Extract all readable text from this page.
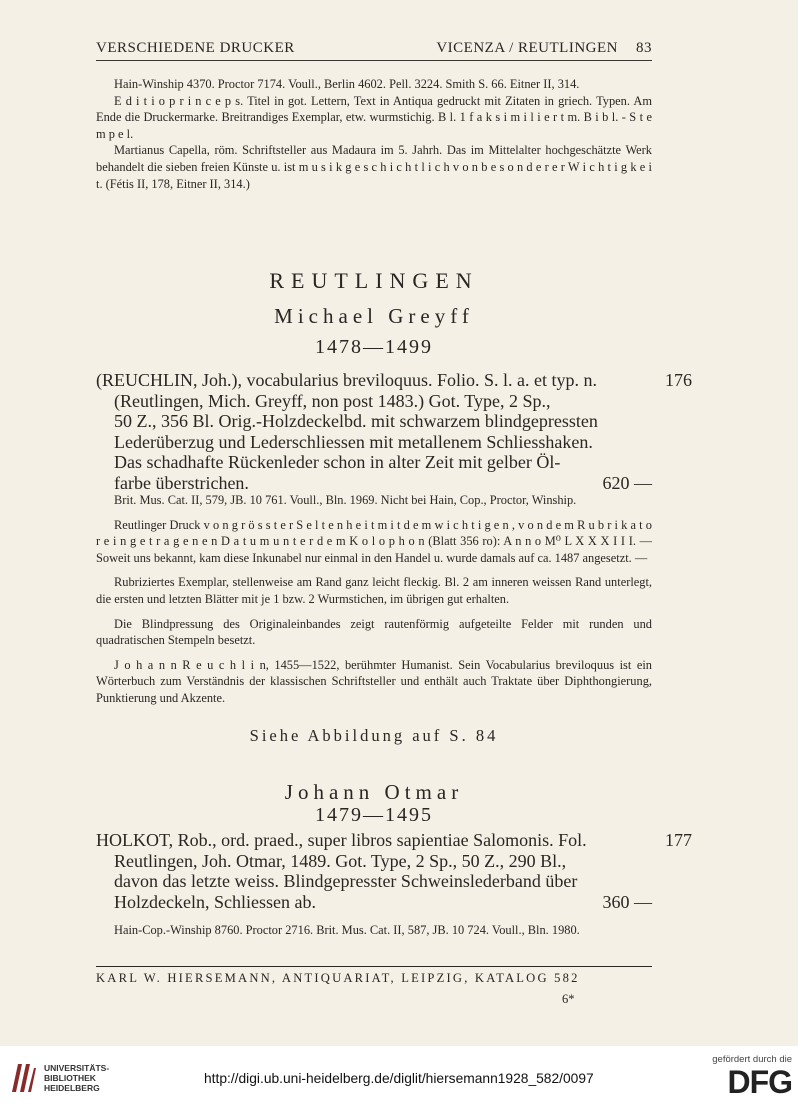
VERSCHIEDENE DRUCKER	VICENZA / REUTLINGEN 83

Hain-Winship 4370. Proctor 7174. Voull., Berlin 4602. Pell. 3224. Smith S. 66. Eitner II, 314.

E d i t i o p r i n c e p s. Titel in got. Lettern, Text in Antiqua gedruckt mit Zitaten in griech. Typen. Am Ende die Druckermarke. Breitrandiges Exemplar, etw. wurmstichig. B l. 1 f a k s i m i l i e r t m. B i b l. - S t e m p e l.

Martianus Capella, röm. Schriftsteller aus Madaura im 5. Jahrh. Das im Mittelalter hochgeschätzte Werk behandelt die sieben freien Künste u. ist m u s i k g e s c h i c h t l i c h v o n b e s o n d e r e r W i c h t i g k e i t. (Fétis II, 178, Eitner II, 314.)

REUTLINGEN
Michael Greyff
1478—1499
176
(REUCHLIN, Joh.), vocabularius breviloquus. Folio. S. l. a. et typ. n.
(Reutlingen, Mich. Greyff, non post 1483.) Got. Type, 2 Sp.,
50 Z., 356 Bl. Orig.-Holzdeckelbd. mit schwarzem blindgepressten
Lederüberzug und Lederschliessen mit metallenem Schliesshaken.
Das schadhafte Rückenleder schon in alter Zeit mit gelber Öl-
farbe überstrichen.	620 —

Brit. Mus. Cat. II, 579, JB. 10 761. Voull., Bln. 1969. Nicht bei Hain, Cop., Proctor, Winship.

Reutlinger Druck v o n g r ö s s t e r S e l t e n h e i t m i t d e m w i c h t i g e n , v o n d e m R u b r i k a t o r e i n g e t r a g e n e n D a t u m u n t e r d e m K o l o p h o n (Blatt 356 ro): A n n o M⁰ L X X X I I I. — Soweit uns bekannt, kam diese Inkunabel nur einmal in den Handel u. wurde damals auf ca. 1487 angesetzt. —

Rubriziertes Exemplar, stellenweise am Rand ganz leicht fleckig. Bl. 2 am inneren weissen Rand unterlegt, die ersten und letzten Blätter mit je 1 bzw. 2 Wurmstichen, im übrigen gut erhalten.

Die Blindpressung des Originaleinbandes zeigt rautenförmig aufgeteilte Felder mit runden und quadratischen Stempeln besetzt.

J o h a n n R e u c h l i n, 1455—1522, berühmter Humanist. Sein Vocabularius breviloquus ist ein Wörterbuch zum Verständnis der klassischen Schriftsteller und enthält auch Traktate über Diphthongierung, Punktierung und Akzente.

Siehe Abbildung auf S. 84
Johann Otmar
1479—1495
177
HOLKOT, Rob., ord. praed., super libros sapientiae Salomonis. Fol.
Reutlingen, Joh. Otmar, 1489. Got. Type, 2 Sp., 50 Z., 290 Bl.,
davon das letzte weiss. Blindgepresster Schweinslederband über
Holzdeckeln, Schliessen ab.	360 —

Hain-Cop.-Winship 8760. Proctor 2716. Brit. Mus. Cat. II, 587, JB. 10 724. Voull., Bln. 1980.

KARL W. HIERSEMANN, ANTIQUARIAT, LEIPZIG, KATALOG 582
6*
UNIVERSITÄTS-
BIBLIOTHEK
HEIDELBERG
http://digi.ub.uni-heidelberg.de/diglit/hiersemann1928_582/0097
gefördert durch die
DFG
